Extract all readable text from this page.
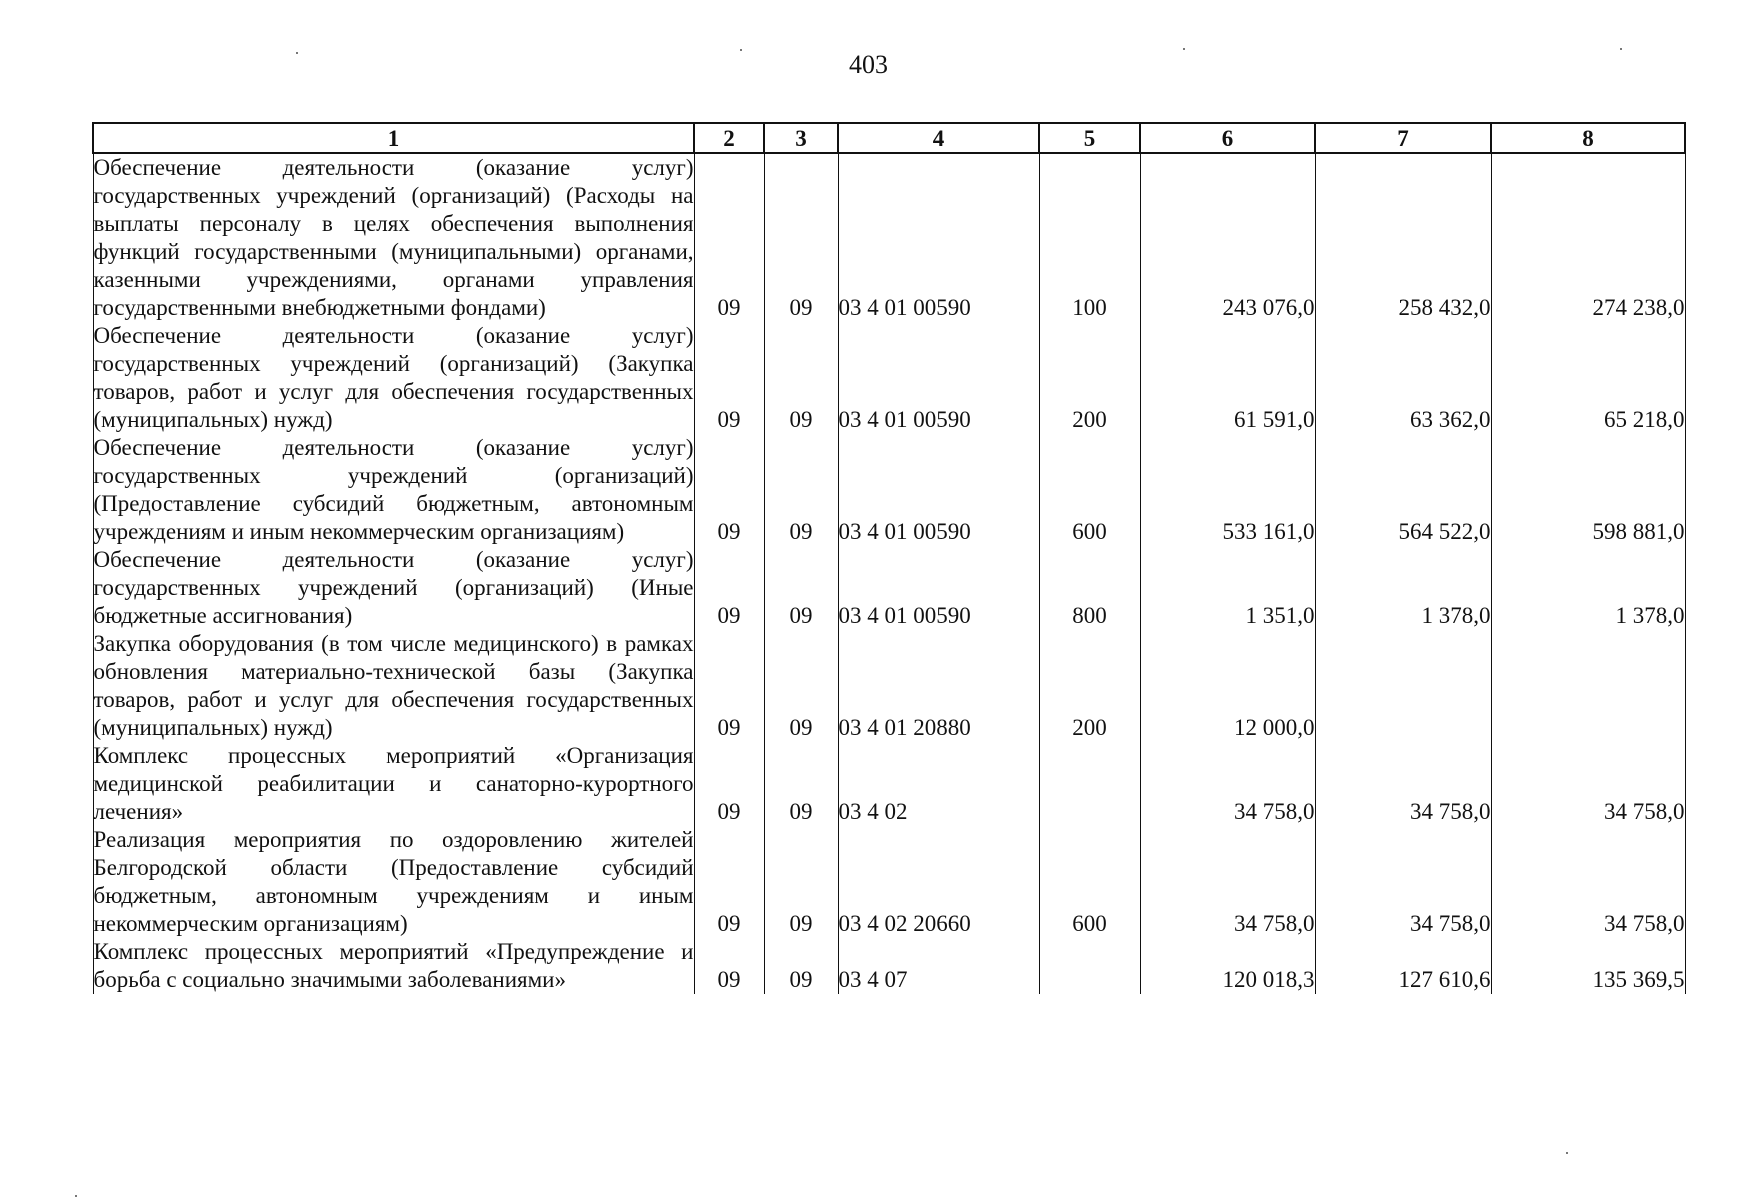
403
1	2	3	4	5	6	7	8
Обеспечение деятельности (оказание услуг) государственных учреждений (организаций) (Расходы на выплаты персоналу в целях обеспечения выполнения функций государственными (муниципальными) органами, казенными учреждениями, органами управления государственными внебюджетными фондами)	09	09	03 4 01 00590	100	243 076,0	258 432,0	274 238,0
Обеспечение деятельности (оказание услуг) государственных учреждений (организаций) (Закупка товаров, работ и услуг для обеспечения государственных (муниципальных) нужд)	09	09	03 4 01 00590	200	61 591,0	63 362,0	65 218,0
Обеспечение деятельности (оказание услуг) государственных учреждений (организаций) (Предоставление субсидий бюджетным, автономным учреждениям и иным некоммерческим организациям)	09	09	03 4 01 00590	600	533 161,0	564 522,0	598 881,0
Обеспечение деятельности (оказание услуг) государственных учреждений (организаций) (Иные бюджетные ассигнования)	09	09	03 4 01 00590	800	1 351,0	1 378,0	1 378,0
Закупка оборудования (в том числе медицинского) в рамках обновления материально-технической базы (Закупка товаров, работ и услуг для обеспечения государственных (муниципальных) нужд)	09	09	03 4 01 20880	200	12 000,0		
Комплекс процессных мероприятий «Организация медицинской реабилитации и санаторно-курортного лечения»	09	09	03 4 02		34 758,0	34 758,0	34 758,0
Реализация мероприятия по оздоровлению жителей Белгородской области (Предоставление субсидий бюджетным, автономным учреждениям и иным некоммерческим организациям)	09	09	03 4 02 20660	600	34 758,0	34 758,0	34 758,0
Комплекс процессных мероприятий «Предупреждение и борьба с социально значимыми заболеваниями»	09	09	03 4 07		120 018,3	127 610,6	135 369,5
